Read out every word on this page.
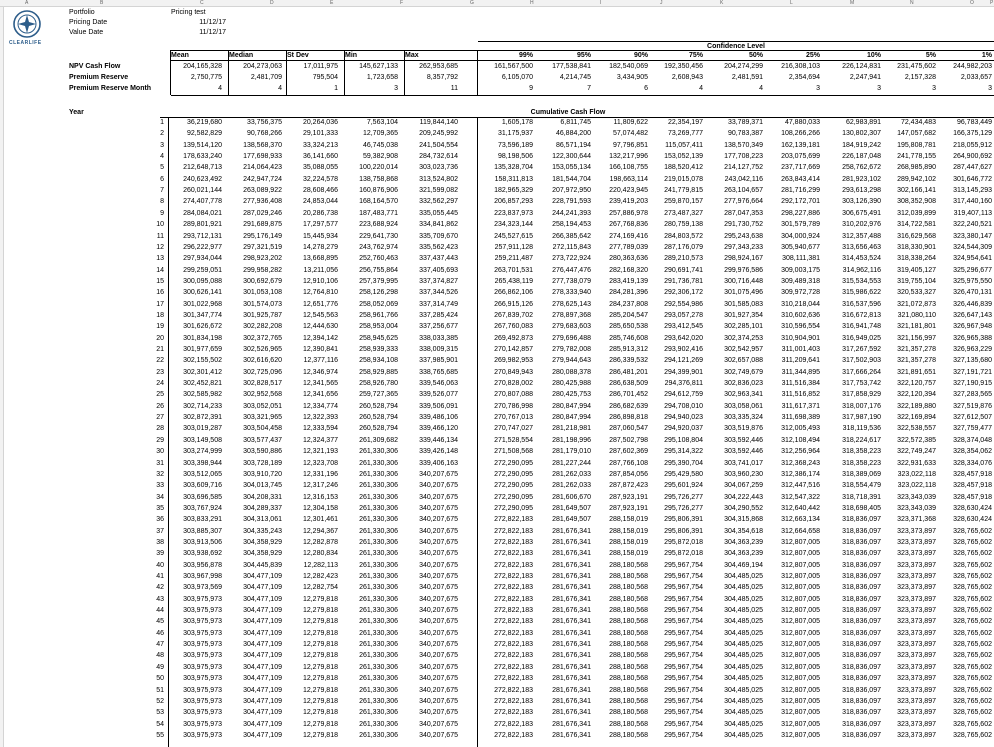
A	B	C	D	E	F	G	H	I	J	K	L	M	N	O	P
CLEARLIFE
Portfolio	Pricing test
Pricing Date	11/12/17
Value Date	11/12/17
Confidence Level
Year	Cumulative Cash Flow
Mean	Median	St Dev	Min	Max	99%	95%	90%	75%	50%	25%	10%	5%	1%
NPV Cash Flow	204,165,328	204,273,063	17,011,975	145,627,133	262,953,685	161,567,500	177,538,841	182,540,069	192,350,456	204,274,299	216,308,103	226,124,831	231,475,602	244,982,203
Premium Reserve	2,750,775	2,481,709	795,504	1,723,658	8,357,792	6,105,070	4,214,745	3,434,905	2,608,943	2,481,591	2,354,694	2,247,941	2,157,328	2,033,657
Premium Reserve Month	4	4	1	3	11	9	7	6	4	4	3	3	3	3
1	36,219,680	33,756,375	20,264,036	7,563,104	119,844,140	1,605,178	6,811,745	11,809,622	22,354,197	33,789,371	47,880,033	62,983,891	72,434,483	96,783,449
2	92,582,829	90,768,266	29,101,333	12,709,365	209,245,992	31,175,937	46,884,200	57,074,482	73,269,777	90,783,387	108,266,266	130,802,307	147,057,682	166,375,129
3	139,514,120	138,568,370	33,324,213	46,745,038	241,504,554	73,596,189	86,571,194	97,796,851	115,057,411	138,570,349	162,139,181	184,919,242	195,808,781	218,055,912
4	178,633,240	177,698,933	36,141,660	59,382,908	284,732,614	98,198,506	122,300,644	132,217,996	153,052,139	177,708,223	203,075,699	226,187,048	241,778,155	264,900,692
5	212,648,713	214,064,423	35,088,055	100,220,014	303,023,736	135,328,704	153,055,134	166,108,755	188,520,412	214,127,752	237,717,669	258,762,672	268,985,890	287,447,627
6	240,623,492	242,947,724	32,224,578	138,758,868	313,524,802	158,311,813	181,544,704	198,663,114	219,015,078	243,042,116	263,843,414	281,923,102	289,942,102	301,646,772
7	260,021,144	263,089,922	28,608,466	160,876,906	321,599,082	182,965,329	207,972,950	220,423,945	241,779,815	263,104,657	281,716,299	293,613,298	302,166,141	313,145,293
8	274,407,778	277,936,408	24,853,044	168,164,570	332,562,297	206,857,293	228,791,593	239,419,203	259,870,157	277,976,664	292,172,701	303,126,390	308,352,908	317,440,160
9	284,084,021	287,029,246	20,286,738	187,483,771	335,055,445	223,837,973	244,241,393	257,886,978	273,487,327	287,047,353	298,227,886	306,675,491	312,039,899	319,407,113
10	289,801,921	291,689,875	17,297,577	223,688,924	334,841,862	234,323,144	258,194,453	267,768,836	280,759,138	291,730,752	301,579,789	310,202,976	314,722,581	322,240,521
11	293,712,131	295,176,149	15,445,934	229,641,730	335,709,670	245,527,615	266,385,642	274,169,416	284,803,572	295,243,638	304,000,924	312,357,488	316,629,568	323,380,147
12	296,222,977	297,321,519	14,278,279	243,762,974	335,562,423	257,911,128	272,115,843	277,789,039	287,176,079	297,343,233	305,940,677	313,656,463	318,330,901	324,544,309
13	297,934,044	298,923,202	13,668,895	252,760,463	337,437,443	259,211,487	273,722,924	280,363,636	289,210,573	298,924,167	308,111,381	314,453,524	318,338,264	324,954,641
14	299,259,051	299,958,282	13,211,056	256,755,864	337,405,693	263,701,531	276,447,476	282,168,320	290,691,741	299,976,586	309,003,175	314,962,116	319,405,127	325,296,677
15	300,095,088	300,692,679	12,910,106	257,379,995	337,374,827	265,438,119	277,738,079	283,419,139	291,736,781	300,716,448	309,489,318	315,534,553	319,755,104	325,975,550
16	300,626,141	301,053,108	12,764,810	258,126,298	337,344,526	266,862,106	278,333,940	284,281,396	292,306,172	301,075,496	309,972,728	315,986,622	320,533,327	326,470,131
17	301,022,968	301,574,073	12,651,776	258,052,069	337,314,749	266,915,126	278,625,143	284,237,808	292,554,986	301,585,083	310,218,044	316,537,596	321,072,873	326,446,839
18	301,347,774	301,925,787	12,545,563	258,961,766	337,285,424	267,839,702	278,897,368	285,204,547	293,057,278	301,927,354	310,602,636	316,672,813	321,080,110	326,647,143
19	301,626,672	302,282,208	12,444,630	258,953,004	337,256,677	267,760,083	279,683,603	285,650,538	293,412,545	302,285,101	310,596,554	316,941,748	321,181,801	326,967,948
20	301,834,198	302,372,765	12,394,142	258,945,625	338,033,385	269,492,873	279,696,488	285,746,608	293,642,020	302,374,253	310,904,901	316,949,025	321,156,997	326,965,388
21	301,977,659	302,526,965	12,390,841	258,939,333	338,009,315	270,142,857	279,782,008	285,913,312	293,902,416	302,542,957	311,001,403	317,267,592	321,357,278	326,963,229
22	302,155,502	302,616,620	12,377,116	258,934,108	337,985,901	269,982,953	279,944,643	286,339,532	294,121,269	302,657,088	311,209,641	317,502,903	321,357,278	327,135,680
23	302,301,412	302,725,096	12,346,974	258,929,885	338,765,685	270,849,943	280,088,378	286,481,201	294,399,901	302,749,679	311,344,895	317,666,264	321,891,651	327,191,721
24	302,452,821	302,828,517	12,341,565	258,926,780	339,546,063	270,828,002	280,425,988	286,638,509	294,376,811	302,836,023	311,516,384	317,753,742	322,120,757	327,190,915
25	302,585,982	302,952,568	12,341,656	259,727,365	339,526,077	270,807,088	280,425,753	286,701,452	294,612,759	302,963,341	311,516,852	317,858,929	322,120,394	327,283,565
26	302,714,233	303,052,051	12,334,774	260,528,794	339,506,091	270,786,998	280,847,994	286,682,639	294,708,010	303,058,061	311,617,371	318,007,176	322,189,880	327,519,876
27	302,872,391	303,321,965	12,322,393	260,528,794	339,486,106	270,767,013	280,847,994	286,898,818	294,940,023	303,335,324	311,698,389	317,987,190	322,169,894	327,612,507
28	303,019,287	303,504,458	12,333,594	260,528,794	339,466,120	270,747,027	281,218,981	287,060,547	294,920,037	303,519,876	312,005,493	318,119,536	322,538,557	327,759,477
29	303,149,508	303,577,437	12,324,377	261,309,682	339,446,134	271,528,554	281,198,996	287,502,798	295,108,804	303,592,446	312,108,494	318,224,617	322,572,385	328,374,048
30	303,274,999	303,590,886	12,321,193	261,330,306	339,426,148	271,508,568	281,179,010	287,602,369	295,314,322	303,592,446	312,256,964	318,358,223	322,749,247	328,354,062
31	303,398,944	303,728,189	12,323,708	261,330,306	339,406,163	272,290,095	281,227,244	287,766,108	295,390,704	303,741,017	312,368,243	318,358,223	322,931,633	328,334,076
32	303,512,065	303,910,720	12,331,196	261,330,306	340,207,675	272,290,095	281,262,033	287,854,056	295,429,580	303,960,230	312,386,174	318,389,069	323,022,118	328,457,918
33	303,609,716	304,013,745	12,317,246	261,330,306	340,207,675	272,290,095	281,262,033	287,872,423	295,601,924	304,067,259	312,447,516	318,554,479	323,022,118	328,457,918
34	303,696,585	304,208,331	12,316,153	261,330,306	340,207,675	272,290,095	281,606,670	287,923,191	295,726,277	304,222,443	312,547,322	318,718,391	323,343,039	328,457,918
35	303,767,924	304,289,337	12,304,158	261,330,306	340,207,675	272,290,095	281,649,507	287,923,191	295,726,277	304,290,552	312,640,442	318,698,405	323,343,039	328,630,424
36	303,833,291	304,313,061	12,301,461	261,330,306	340,207,675	272,822,183	281,649,507	288,158,019	295,806,391	304,315,868	312,663,134	318,836,097	323,371,368	328,630,424
37	303,885,307	304,335,243	12,294,367	261,330,306	340,207,675	272,822,183	281,676,341	288,158,019	295,806,391	304,354,618	312,664,658	318,836,097	323,373,897	328,765,602
38	303,913,506	304,358,929	12,282,878	261,330,306	340,207,675	272,822,183	281,676,341	288,158,019	295,872,018	304,363,239	312,807,005	318,836,097	323,373,897	328,765,602
39	303,938,692	304,358,929	12,280,834	261,330,306	340,207,675	272,822,183	281,676,341	288,158,019	295,872,018	304,363,239	312,807,005	318,836,097	323,373,897	328,765,602
40	303,956,878	304,445,839	12,282,113	261,330,306	340,207,675	272,822,183	281,676,341	288,180,568	295,967,754	304,469,194	312,807,005	318,836,097	323,373,897	328,765,602
41	303,967,998	304,477,109	12,282,423	261,330,306	340,207,675	272,822,183	281,676,341	288,180,568	295,967,754	304,485,025	312,807,005	318,836,097	323,373,897	328,765,602
42	303,973,569	304,477,109	12,282,754	261,330,306	340,207,675	272,822,183	281,676,341	288,180,568	295,967,754	304,485,025	312,807,005	318,836,097	323,373,897	328,765,602
43	303,975,973	304,477,109	12,279,818	261,330,306	340,207,675	272,822,183	281,676,341	288,180,568	295,967,754	304,485,025	312,807,005	318,836,097	323,373,897	328,765,602
44	303,975,973	304,477,109	12,279,818	261,330,306	340,207,675	272,822,183	281,676,341	288,180,568	295,967,754	304,485,025	312,807,005	318,836,097	323,373,897	328,765,602
45	303,975,973	304,477,109	12,279,818	261,330,306	340,207,675	272,822,183	281,676,341	288,180,568	295,967,754	304,485,025	312,807,005	318,836,097	323,373,897	328,765,602
46	303,975,973	304,477,109	12,279,818	261,330,306	340,207,675	272,822,183	281,676,341	288,180,568	295,967,754	304,485,025	312,807,005	318,836,097	323,373,897	328,765,602
47	303,975,973	304,477,109	12,279,818	261,330,306	340,207,675	272,822,183	281,676,341	288,180,568	295,967,754	304,485,025	312,807,005	318,836,097	323,373,897	328,765,602
48	303,975,973	304,477,109	12,279,818	261,330,306	340,207,675	272,822,183	281,676,341	288,180,568	295,967,754	304,485,025	312,807,005	318,836,097	323,373,897	328,765,602
49	303,975,973	304,477,109	12,279,818	261,330,306	340,207,675	272,822,183	281,676,341	288,180,568	295,967,754	304,485,025	312,807,005	318,836,097	323,373,897	328,765,602
50	303,975,973	304,477,109	12,279,818	261,330,306	340,207,675	272,822,183	281,676,341	288,180,568	295,967,754	304,485,025	312,807,005	318,836,097	323,373,897	328,765,602
51	303,975,973	304,477,109	12,279,818	261,330,306	340,207,675	272,822,183	281,676,341	288,180,568	295,967,754	304,485,025	312,807,005	318,836,097	323,373,897	328,765,602
52	303,975,973	304,477,109	12,279,818	261,330,306	340,207,675	272,822,183	281,676,341	288,180,568	295,967,754	304,485,025	312,807,005	318,836,097	323,373,897	328,765,602
53	303,975,973	304,477,109	12,279,818	261,330,306	340,207,675	272,822,183	281,676,341	288,180,568	295,967,754	304,485,025	312,807,005	318,836,097	323,373,897	328,765,602
54	303,975,973	304,477,109	12,279,818	261,330,306	340,207,675	272,822,183	281,676,341	288,180,568	295,967,754	304,485,025	312,807,005	318,836,097	323,373,897	328,765,602
55	303,975,973	304,477,109	12,279,818	261,330,306	340,207,675	272,822,183	281,676,341	288,180,568	295,967,754	304,485,025	312,807,005	318,836,097	323,373,897	328,765,602
